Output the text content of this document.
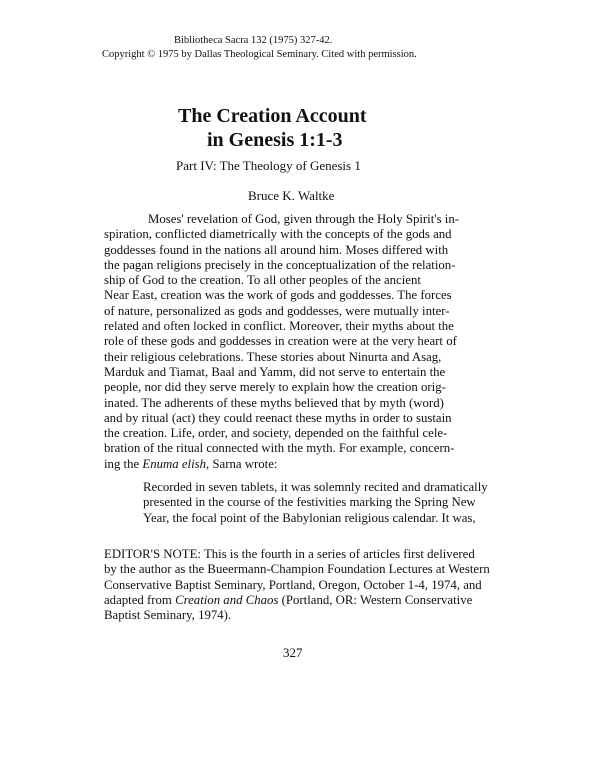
Bibliotheca Sacra 132 (1975) 327-42.
Copyright © 1975 by Dallas Theological Seminary. Cited with permission.
The Creation Account
in Genesis 1:1-3
Part IV: The Theology of Genesis 1
Bruce K. Waltke
Moses' revelation of God, given through the Holy Spirit's in-
spiration, conflicted diametrically with the concepts of the gods and
goddesses found in the nations all around him. Moses differed with
the pagan religions precisely in the conceptualization of the relation-
ship of God to the creation. To all other peoples of the ancient
Near East, creation was the work of gods and goddesses. The forces
of nature, personalized as gods and goddesses, were mutually inter-
related and often locked in conflict. Moreover, their myths about the
role of these gods and goddesses in creation were at the very heart of
their religious celebrations. These stories about Ninurta and Asag,
Marduk and Tiamat, Baal and Yamm, did not serve to entertain the
people, nor did they serve merely to explain how the creation orig-
inated. The adherents of these myths believed that by myth (word)
and by ritual (act) they could reenact these myths in order to sustain
the creation. Life, order, and society, depended on the faithful cele-
bration of the ritual connected with the myth. For example, concern-
ing the Enuma elish, Sarna wrote:
Recorded in seven tablets, it was solemnly recited and dramatically
presented in the course of the festivities marking the Spring New
Year, the focal point of the Babylonian religious calendar. It was,
EDITOR'S NOTE: This is the fourth in a series of articles first delivered
by the author as the Bueermann-Champion Foundation Lectures at Western
Conservative Baptist Seminary, Portland, Oregon, October 1-4, 1974, and
adapted from Creation and Chaos (Portland, OR: Western Conservative
Baptist Seminary, 1974).
327
